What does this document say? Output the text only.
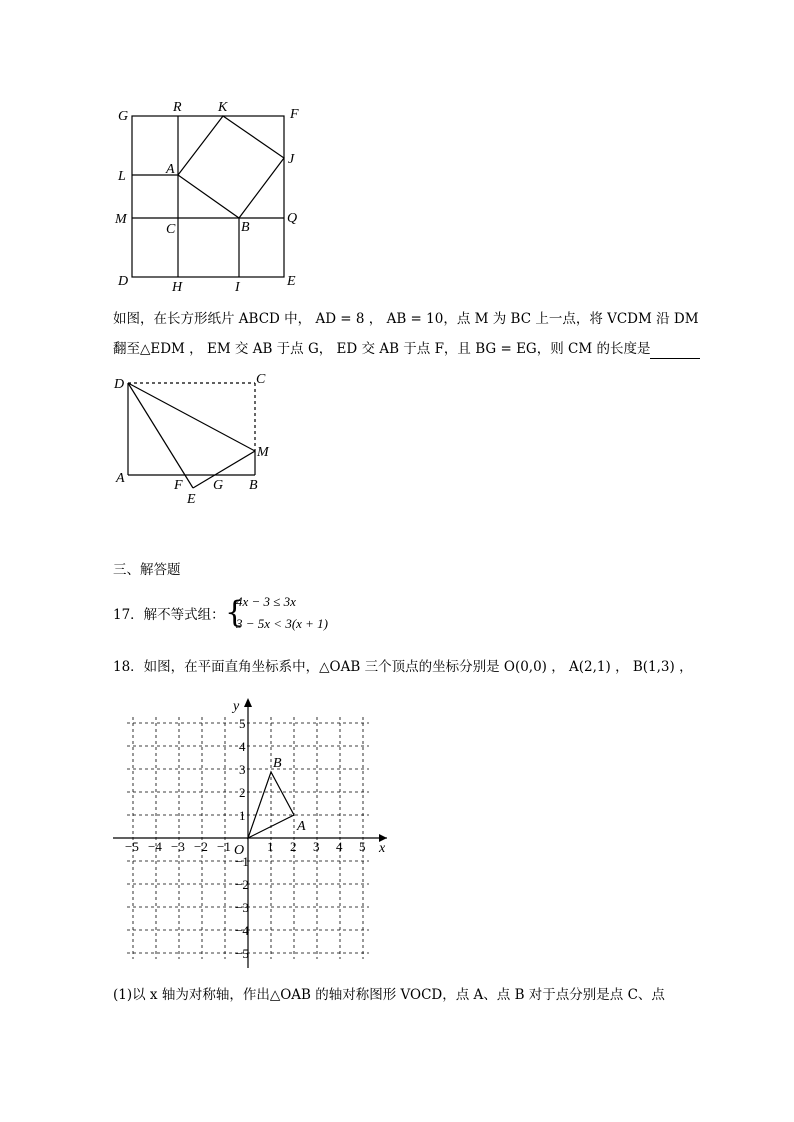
G
R	K	F
J
L	A
M
C	B
Q
D	H	I	E
如图，在长方形纸片 ABCD 中， AD = 8 ， AB = 10，点 M 为 BC 上一点，将 VCDM 沿 DM
翻至△EDM ， EM 交 AB 于点 G， ED 交 AB 于点 F，且 BG = EG，则 CM 的长度是
D	C
M
A	F
E
G B
三、解答题
17．解不等式组： {
4x − 3 ≤ 3x
3 − 5x < 3(x + 1)
18．如图，在平面直角坐标系中，△OAB 三个顶点的坐标分别是 O(0,0) ， A(2,1) ， B(1,3) ，
x
y
O
A
B
−5 −4 −3 −2 −1	1 2 3 4 5
5
4
3
2
1
−1
−2
−3
−4
−5
(1)以 x 轴为对称轴，作出△OAB 的轴对称图形 VOCD，点 A、点 B 对于点分别是点 C、点
